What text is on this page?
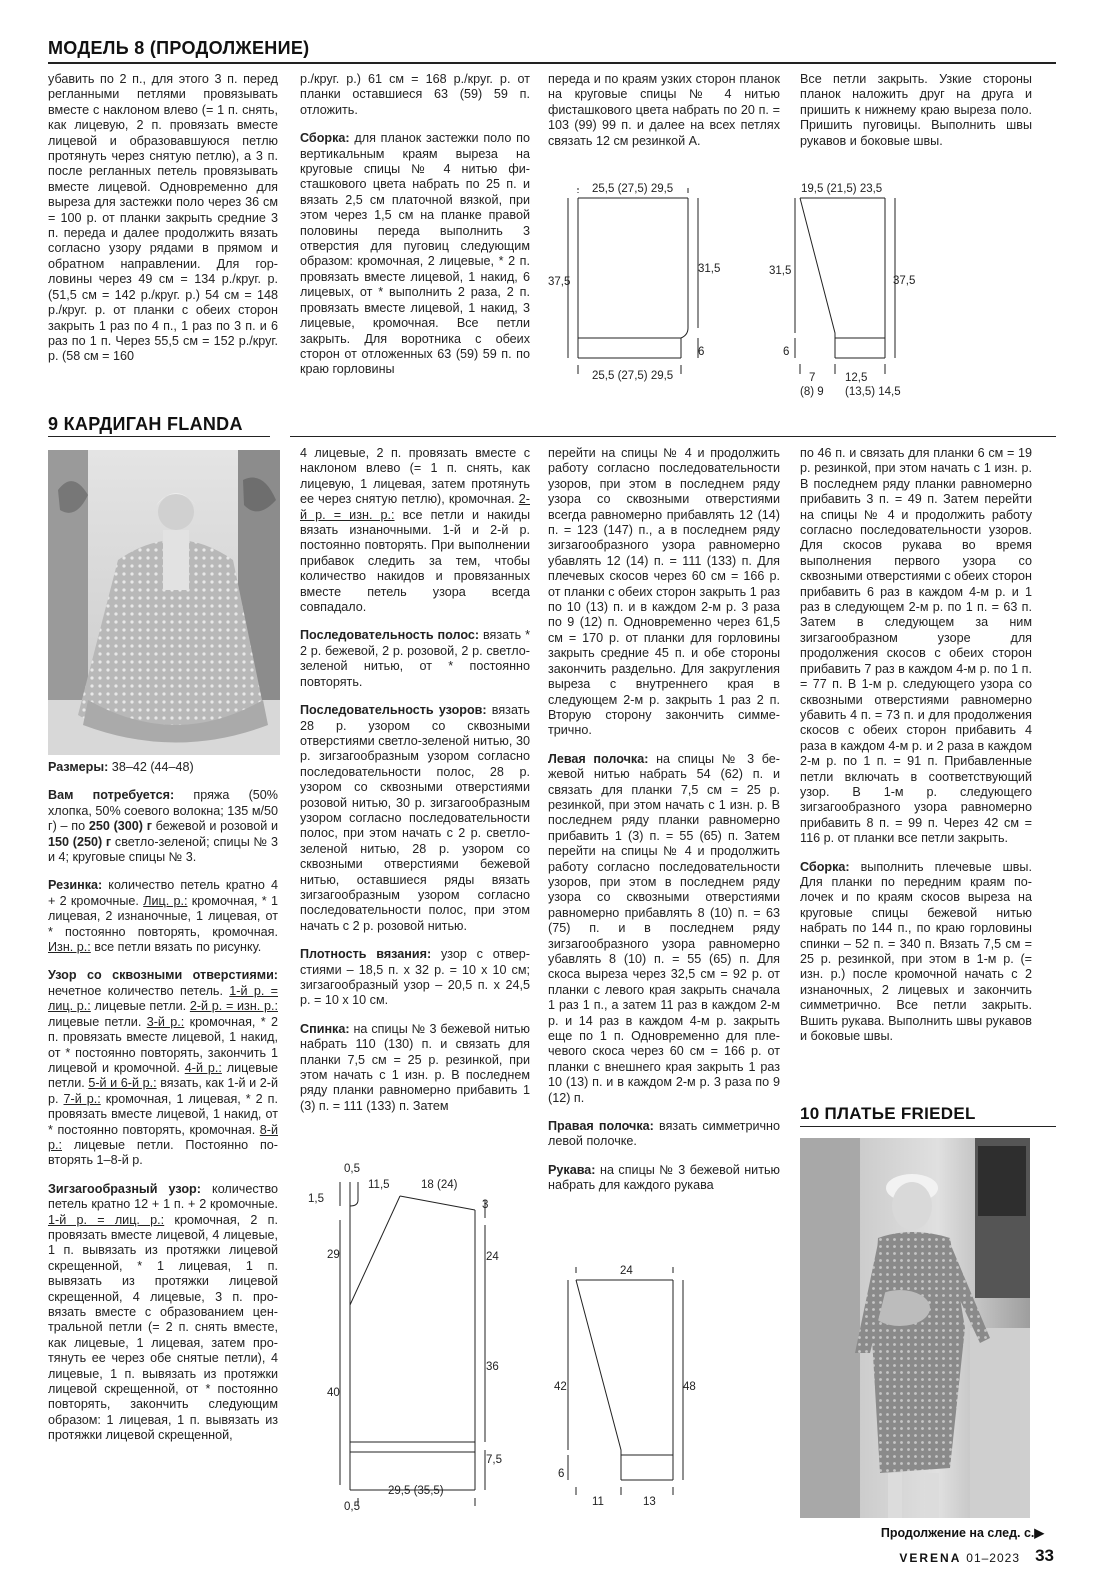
МОДЕЛЬ 8 (ПРОДОЛЖЕНИЕ)

убавить по 2 п., для этого 3 п. перед регланными петлями провязывать вместе с наклоном влево (= 1 п. снять, как лицевую, 2 п. провязать вместе лицевой и образовавшуюся петлю протянуть через снятую петлю), а 3 п. после регланных петель провязывать вместе лицевой. Одновременно для выреза для застежки поло через 36 см = 100 р. от планки закрыть средние 3 п. переда и далее продолжить вязать согласно узору рядами в прямом и обратном направлении. Для горловины через 49 см = 134 р./круг. р. (51,5 см = 142 р./круг. р.) 54 см = 148 р./круг. р. от планки с обеих сторон закрыть 1 раз по 4 п., 1 раз по 3 п. и 6 раз по 1 п. Через 55,5 см = 152 р./круг. р. (58 см = 160

р./круг. р.) 61 см = 168 р./круг. р. от планки оставшиеся 63 (59) 59 п. отложить.

Сборка: для планок застежки поло по вертикальным краям выреза на круговые спицы № 4 нитью фисташкового цвета набрать по 25 п. и вязать 2,5 см платочной вязкой, при этом через 1,5 см на планке правой половины переда выполнить 3 отверстия для пуговиц следующим образом: кромочная, 2 лицевые, * 2 п. провязать вместе лицевой, 1 накид, 6 лицевых, от * выполнить 2 раза, 2 п. провязать вместе лицевой, 1 накид, 3 лицевые, кромочная. Все петли закрыть. Для воротника с обеих сторон от отложенных 63 (59) 59 п. по краю горловины

переда и по краям узких сторон планок на круговые спицы № 4 нитью фисташкового цвета набрать по 20 п. = 103 (99) 99 п. и далее на всех петлях связать 12 см резинкой А.

Все петли закрыть. Узкие стороны планок наложить друг на друга и пришить к нижнему краю выреза поло. Пришить пуговицы. Выполнить швы рукавов и боковые швы.

25,5 (27,5) 29,5
25,5 (27,5) 29,5
37,5
31,5
6
19,5 (21,5) 23,5
31,5
37,5
6
7	12,5
(8) 9 (13,5) 14,5
9 КАРДИГАН FLANDA

Размеры: 38–42 (44–48)

Вам потребуется: пряжа (50% хлопка, 50% соевого волокна; 135 м/50 г) – по 250 (300) г бежевой и розовой и 150 (250) г светло-зеленой; спицы № 3 и 4; круговые спицы № 3.

Резинка: количество петель кратно 4 + 2 кромочные. Лиц. р.: кромочная, * 1 лицевая, 2 изнаночные, 1 лицевая, от * постоянно повторять, кромочная. Изн. р.: все петли вязать по рисунку.

Узор со сквозными отверстиями: нечетное количество петель. 1-й р. = лиц. р.: лицевые петли. 2-й р. = изн. р.: лицевые петли. 3-й р.: кромочная, * 2 п. провязать вместе лицевой, 1 накид, от * постоянно повторять, закончить 1 лицевой и кромочной. 4-й р.: лицевые петли. 5-й и 6-й р.: вязать, как 1-й и 2-й р. 7-й р.: кромочная, 1 лицевая, * 2 п. провязать вместе лицевой, 1 накид, от * постоянно повторять, кромочная. 8-й р.: лицевые петли. Постоянно повторять 1–8-й р.

Зигзагообразный узор: количество петель кратно 12 + 1 п. + 2 кромочные. 1-й р. = лиц. р.: кромочная, 2 п. провязать вместе лицевой, 4 лицевые, 1 п. вывязать из протяжки лицевой скрещенной, * 1 лицевая, 1 п. вывязать из протяжки лицевой скрещенной, 4 лицевые, 3 п. провязать вместе с образованием центральной петли (= 2 п. снять вместе, как лицевые, 1 лицевая, затем протянуть ее через обе снятые петли), 4 лицевые, 1 п. вывязать из протяжки лицевой скрещенной, от * постоянно повторять, закончить следующим образом: 1 лицевая, 1 п. вывязать из протяжки лицевой скрещенной,

4 лицевые, 2 п. провязать вместе с наклоном влево (= 1 п. снять, как лицевую, 1 лицевая, затем протянуть ее через снятую петлю), кромочная. 2-й р. = изн. р.: все петли и накиды вязать изнаночными. 1-й и 2-й р. постоянно повторять. При выполнении прибавок следить за тем, чтобы количество накидов и провязанных вместе петель узора всегда совпадало.

Последовательность полос: вязать * 2 р. бежевой, 2 р. розовой, 2 р. светло-зеленой нитью, от * постоянно повторять.

Последовательность узоров: вязать 28 р. узором со сквозными отверстиями светло-зеленой нитью, 30 р. зигзагообразным узором согласно последовательности полос, 28 р. узором со сквозными отверстиями розовой нитью, 30 р. зигзагообразным узором согласно последовательности полос, при этом начать с 2 р. светло-зеленой нитью, 28 р. узором со сквозными отверстиями бежевой нитью, оставшиеся ряды вязать зигзагообразным узором согласно последовательности полос, при этом начать с 2 р. розовой нитью.

Плотность вязания: узор с отверстиями – 18,5 п. х 32 р. = 10 х 10 см; зигзагообразный узор – 20,5 п. х 24,5 р. = 10 х 10 см.

Спинка: на спицы № 3 бежевой нитью набрать 110 (130) п. и связать для планки 7,5 см = 25 р. резинкой, при этом начать с 1 изн. р. В последнем ряду планки равномерно прибавить 1 (3) п. = 111 (133) п. Затем

перейти на спицы № 4 и продолжить работу согласно последовательности узоров, при этом в последнем ряду узора со сквозными отверстиями всегда равномерно прибавлять 12 (14) п. = 123 (147) п., а в последнем ряду зигзагообразного узора равномерно убавлять 12 (14) п. = 111 (133) п. Для плечевых скосов через 60 см = 166 р. от планки с обеих сторон закрыть 1 раз по 10 (13) п. и в каждом 2-м р. 3 раза по 9 (12) п. Одновременно через 61,5 см = 170 р. от планки для горловины закрыть средние 45 п. и обе стороны закончить раздельно. Для закругления выреза с внутреннего края в следующем 2-м р. закрыть 1 раз 2 п. Вторую сторону закончить симметрично.

Левая полочка: на спицы № 3 бежевой нитью набрать 54 (62) п. и связать для планки 7,5 см = 25 р. резинкой, при этом начать с 1 изн. р. В последнем ряду планки равномерно прибавить 1 (3) п. = 55 (65) п. Затем перейти на спицы № 4 и продолжить работу согласно последовательности узоров, при этом в последнем ряду узора со сквозными отверстиями равномерно прибавлять 8 (10) п. = 63 (75) п. и в последнем ряду зигзагообразного узора равномерно убавлять 8 (10) п. = 55 (65) п. Для скоса выреза через 32,5 см = 92 р. от планки с левого края закрыть сначала 1 раз 1 п., а затем 11 раз в каждом 2-м р. и 14 раз в каждом 4-м р. закрыть еще по 1 п. Одновременно для плечевого скоса через 60 см = 166 р. от планки с внешнего края закрыть 1 раз 10 (13) п. и в каждом 2-м р. 3 раза по 9 (12) п.

Правая полочка: вязать симметрично левой полочке.

Рукава: на спицы № 3 бежевой нитью набрать для каждого рукава

по 46 п. и связать для планки 6 см = 19 р. резинкой, при этом начать с 1 изн. р. В последнем ряду планки равномерно прибавить 3 п. = 49 п. Затем перейти на спицы № 4 и продолжить работу согласно последовательности узоров. Для скосов рукава во время выполнения первого узора со сквозными отверстиями с обеих сторон прибавить 6 раз в каждом 4-м р. и 1 раз в следующем 2-м р. по 1 п. = 63 п. Затем в следующем за ним зигзагообразном узоре для продолжения скосов с обеих сторон прибавить 7 раз в каждом 4-м р. по 1 п. = 77 п. В 1-м р. следующего узора со сквозными отверстиями равномерно убавить 4 п. = 73 п. и для продолжения скосов с обеих сторон прибавить 4 раза в каждом 4-м р. и 2 раза в каждом 2-м р. по 1 п. = 91 п. Прибавленные петли включать в соответствующий узор. В 1-м р. следующего зигзагообразного узора равномерно прибавить 8 п. = 99 п. Через 42 см = 116 р. от планки все петли закрыть.

Сборка: выполнить плечевые швы. Для планки по передним краям полочек и по краям скосов выреза на круговые спицы бежевой нитью набрать по 144 п., по краю горловины спинки – 52 п. = 340 п. Вязать 7,5 см = 25 р. резинкой, при этом в 1-м р. (= изн. р.) после кромочной начать с 2 изнаночных, 2 лицевых и закончить симметрично. Все петли закрыть. Вшить рукава. Выполнить швы рукавов и боковые швы.

0,5
11,5	18 (24)
1,5
29
40
3
24
36
7,5
29,5 (35,5)
0,5
24
42	48
6
11	13
10 ПЛАТЬЕ FRIEDEL
Продолжение на след. с.▶
VERENA 01–2023 33
